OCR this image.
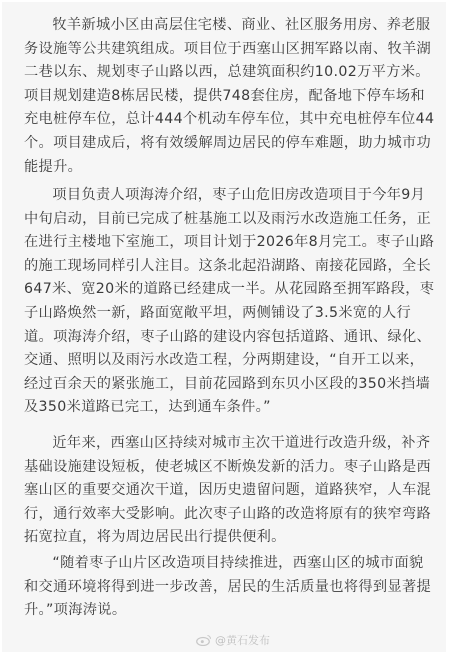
牧羊新城小区由高层住宅楼、商业、社区服务用房、养老服务设施等公共建筑组成。项目位于西塞山区拥军路以南、牧羊湖二巷以东、规划枣子山路以西，总建筑面积约10.02万平方米。项目规划建造8栋居民楼，提供748套住房，配备地下停车场和充电桩停车位，总计444个机动车停车位，其中充电桩停车位44个。项目建成后，将有效缓解周边居民的停车难题，助力城市功能提升。

项目负责人项海涛介绍，枣子山危旧房改造项目于今年9月中旬启动，目前已完成了桩基施工以及雨污水改造施工任务，正在进行主楼地下室施工，项目计划于2026年8月完工。枣子山路的施工现场同样引人注目。这条北起沿湖路、南接花园路，全长647米、宽20米的道路已经建成一半。从花园路至拥军路段，枣子山路焕然一新，路面宽敞平坦，两侧铺设了3.5米宽的人行道。项海涛介绍，枣子山路的建设内容包括道路、通讯、绿化、交通、照明以及雨污水改造工程，分两期建设，“自开工以来，经过百余天的紧张施工，目前花园路到东贝小区段的350米挡墙及350米道路已完工，达到通车条件。”

近年来，西塞山区持续对城市主次干道进行改造升级，补齐基础设施建设短板，使老城区不断焕发新的活力。枣子山路是西塞山区的重要交通次干道，因历史遗留问题，道路狭窄，人车混行，通行效率大受影响。此次枣子山路的改造将原有的狭窄弯路拓宽拉直，将为周边居民出行提供便利。

“随着枣子山片区改造项目持续推进，西塞山区的城市面貌和交通环境将得到进一步改善，居民的生活质量也将得到显著提升。”项海涛说。

@黄石发布
